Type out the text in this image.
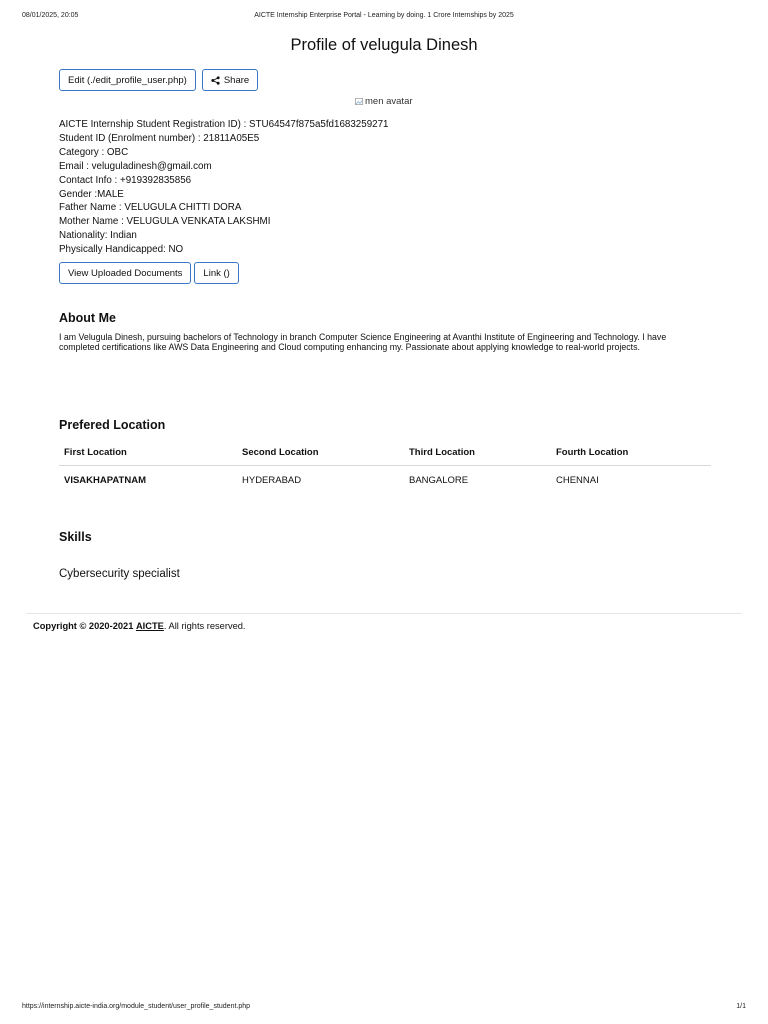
08/01/2025, 20:05	AICTE Internship Enterprise Portal - Learning by doing. 1 Crore Internships by 2025
Profile of velugula Dinesh
Edit (./edit_profile_user.php)	Share
men avatar
AICTE Internship Student Registration ID) : STU64547f875a5fd1683259271
Student ID (Enrolment number) : 21811A05E5
Category : OBC
Email : veluguladinesh@gmail.com
Contact Info : +919392835856
Gender :MALE
Father Name : VELUGULA CHITTI DORA
Mother Name : VELUGULA VENKATA LAKSHMI
Nationality: Indian
Physically Handicapped: NO
View Uploaded Documents Link ()
About Me

I am Velugula Dinesh, pursuing bachelors of Technology in branch Computer Science Engineering at Avanthi Institute of Engineering and Technology. I have completed certifications like AWS Data Engineering and Cloud computing enhancing my. Passionate about applying knowledge to real-world projects.

Prefered Location
First Location	Second Location	Third Location	Fourth Location
VISAKHAPATNAM	HYDERABAD	BANGALORE	CHENNAI
Skills
Cybersecurity specialist
Copyright © 2020-2021 AICTE. All rights reserved.
https://internship.aicte-india.org/module_student/user_profile_student.php	1/1
